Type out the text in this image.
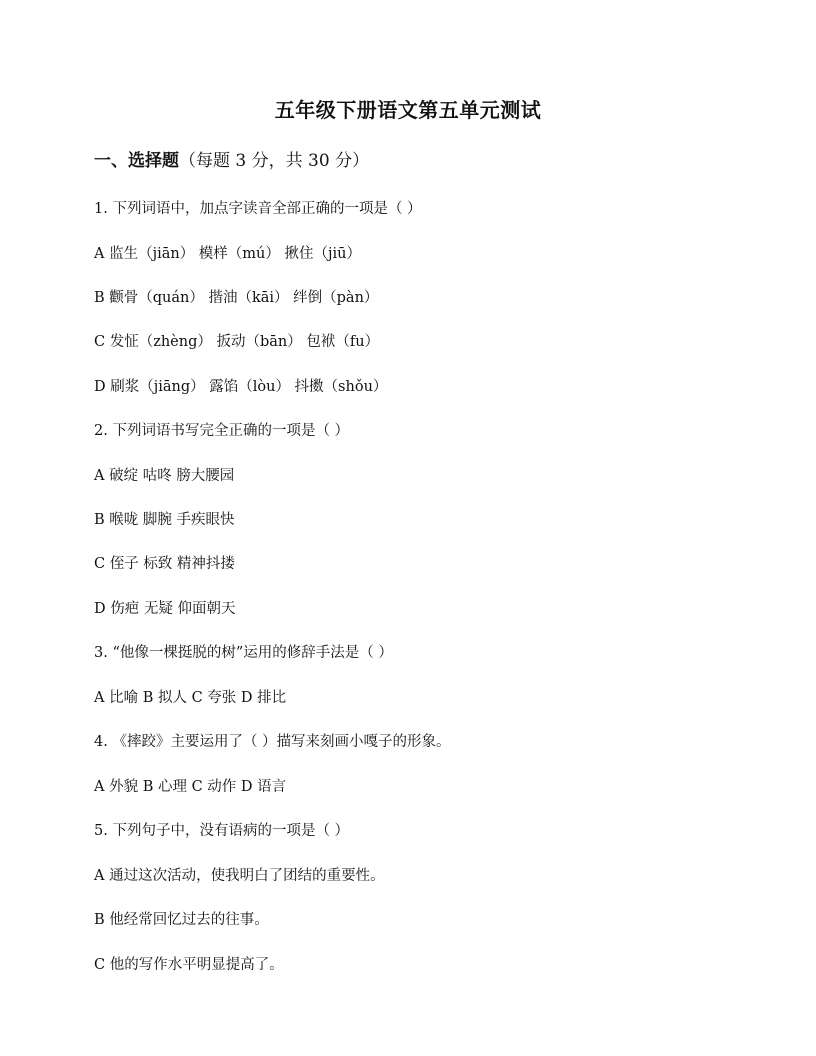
五年级下册语文第五单元测试
一、选择题（每题 3 分，共 30 分）
1. 下列词语中，加点字读音全部正确的一项是（ ）
A 监生（jiān） 模样（mú） 揪住（jiū）
B 颧骨（quán） 揩油（kāi） 绊倒（pàn）
C 发怔（zhèng） 扳动（bān） 包袱（fu）
D 刷浆（jiāng） 露馅（lòu） 抖擞（shǒu）
2. 下列词语书写完全正确的一项是（ ）
A 破绽 咕咚 膀大腰园
B 喉咙 脚腕 手疾眼快
C 侄子 标致 精神抖搂
D 伤疤 无疑 仰面朝天
3. “他像一棵挺脱的树”运用的修辞手法是（ ）
A 比喻 B 拟人 C 夸张 D 排比
4. 《摔跤》主要运用了（ ）描写来刻画小嘎子的形象。
A 外貌 B 心理 C 动作 D 语言
5. 下列句子中，没有语病的一项是（ ）
A 通过这次活动，使我明白了团结的重要性。
B 他经常回忆过去的往事。
C 他的写作水平明显提高了。
